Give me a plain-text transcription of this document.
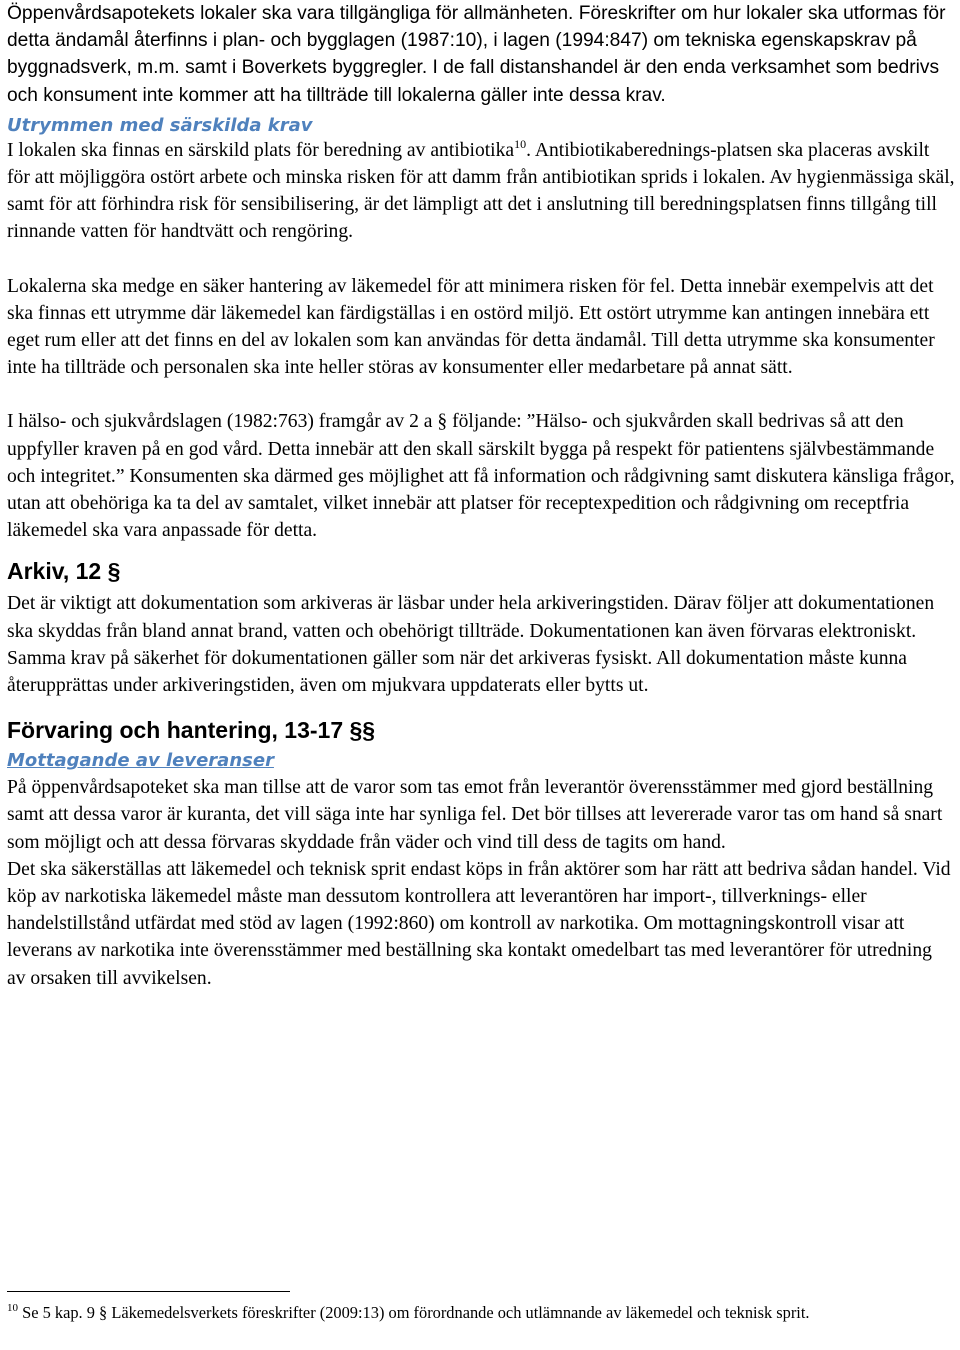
Öppenvårdsapotekets lokaler ska vara tillgängliga för allmänheten. Föreskrifter om hur lokaler ska utformas för detta ändamål återfinns i plan- och bygglagen (1987:10), i lagen (1994:847) om tekniska egenskapskrav på byggnadsverk, m.m. samt i Boverkets byggregler. I de fall distanshandel är den enda verksamhet som bedrivs och konsument inte kommer att ha tillträde till lokalerna gäller inte dessa krav.

Utrymmen med särskilda krav

I lokalen ska finnas en särskild plats för beredning av antibiotika$^{10}$. Antibiotikaberednings-platsen ska placeras avskilt för att möjliggöra ostört arbete och minska risken för att damm från antibiotikan sprids i lokalen. Av hygienmässiga skäl, samt för att förhindra risk för sensibilisering, är det lämpligt att det i anslutning till beredningsplatsen finns tillgång till rinnande vatten för handtvätt och rengöring.

Lokalerna ska medge en säker hantering av läkemedel för att minimera risken för fel. Detta innebär exempelvis att det ska finnas ett utrymme där läkemedel kan färdigställas i en ostörd miljö. Ett ostört utrymme kan antingen innebära ett eget rum eller att det finns en del av lokalen som kan användas för detta ändamål. Till detta utrymme ska konsumenter inte ha tillträde och personalen ska inte heller störas av konsumenter eller medarbetare på annat sätt.

I hälso- och sjukvårdslagen (1982:763) framgår av 2 a § följande: ”Hälso- och sjukvården skall bedrivas så att den uppfyller kraven på en god vård. Detta innebär att den skall särskilt bygga på respekt för patientens självbestämmande och integritet.” Konsumenten ska därmed ges möjlighet att få information och rådgivning samt diskutera känsliga frågor, utan att obehöriga ka ta del av samtalet, vilket innebär att platser för receptexpedition och rådgivning om receptfria läkemedel ska vara anpassade för detta.

Arkiv, 12 §

Det är viktigt att dokumentation som arkiveras är läsbar under hela arkiveringstiden. Därav följer att dokumentationen ska skyddas från bland annat brand, vatten och obehörigt tillträde. Dokumentationen kan även förvaras elektroniskt. Samma krav på säkerhet för dokumentationen gäller som när det arkiveras fysiskt. All dokumentation måste kunna återupprättas under arkiveringstiden, även om mjukvara uppdaterats eller bytts ut.

Förvaring och hantering, 13-17 §§

Mottagande av leveranser

På öppenvårdsapoteket ska man tillse att de varor som tas emot från leverantör överensstämmer med gjord beställning samt att dessa varor är kuranta, det vill säga inte har synliga fel. Det bör tillses att levererade varor tas om hand så snart som möjligt och att dessa förvaras skyddade från väder och vind till dess de tagits om hand.

Det ska säkerställas att läkemedel och teknisk sprit endast köps in från aktörer som har rätt att bedriva sådan handel. Vid köp av narkotiska läkemedel måste man dessutom kontrollera att leverantören har import-, tillverknings- eller handelstillstånd utfärdat med stöd av lagen (1992:860) om kontroll av narkotika. Om mottagningskontroll visar att leverans av narkotika inte överensstämmer med beställning ska kontakt omedelbart tas med leverantörer för utredning av orsaken till avvikelsen.

$^{10}$ Se 5 kap. 9 § Läkemedelsverkets föreskrifter (2009:13) om förordnande och utlämnande av läkemedel och teknisk sprit.
